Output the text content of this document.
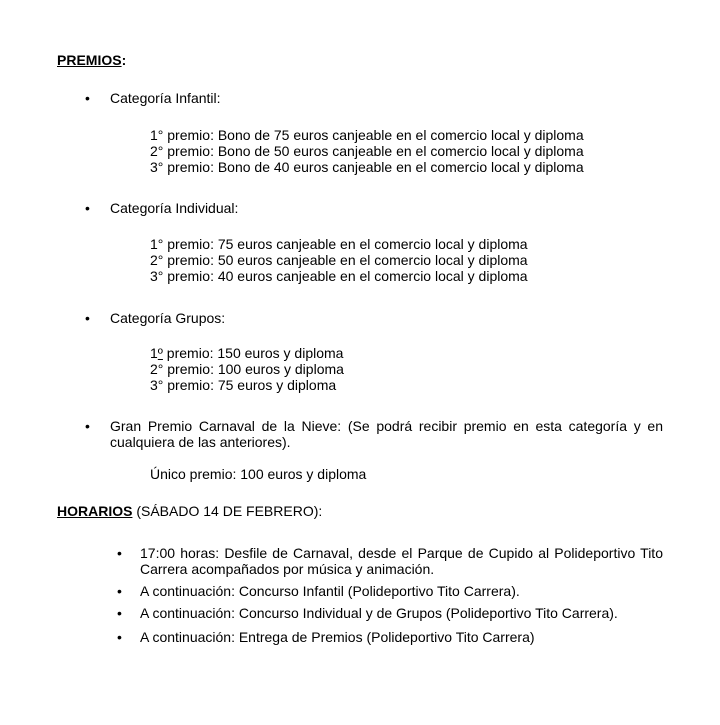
PREMIOS:

•	Categoría Infantil:

1° premio: Bono de 75 euros canjeable en el comercio local y diploma

2° premio: Bono de 50 euros canjeable en el comercio local y diploma

3° premio: Bono de 40 euros canjeable en el comercio local y diploma

•	Categoría Individual:

1° premio: 75 euros canjeable en el comercio local y diploma

2° premio: 50 euros canjeable en el comercio local y diploma

3° premio: 40 euros canjeable en el comercio local y diploma

•	Categoría Grupos:

1º premio: 150 euros y diploma

2° premio: 100 euros y diploma

3° premio: 75 euros y diploma

•	Gran Premio Carnaval de la Nieve: (Se podrá recibir premio en esta categoría y en cualquiera de las anteriores).

Único premio: 100 euros y diploma

HORARIOS (SÁBADO 14 DE FEBRERO):

•	17:00 horas: Desfile de Carnaval, desde el Parque de Cupido al Polideportivo Tito Carrera acompañados por música y animación.
•	A continuación: Concurso Infantil (Polideportivo Tito Carrera).
•	A continuación: Concurso Individual y de Grupos (Polideportivo Tito Carrera).
•	A continuación: Entrega de Premios (Polideportivo Tito Carrera)
